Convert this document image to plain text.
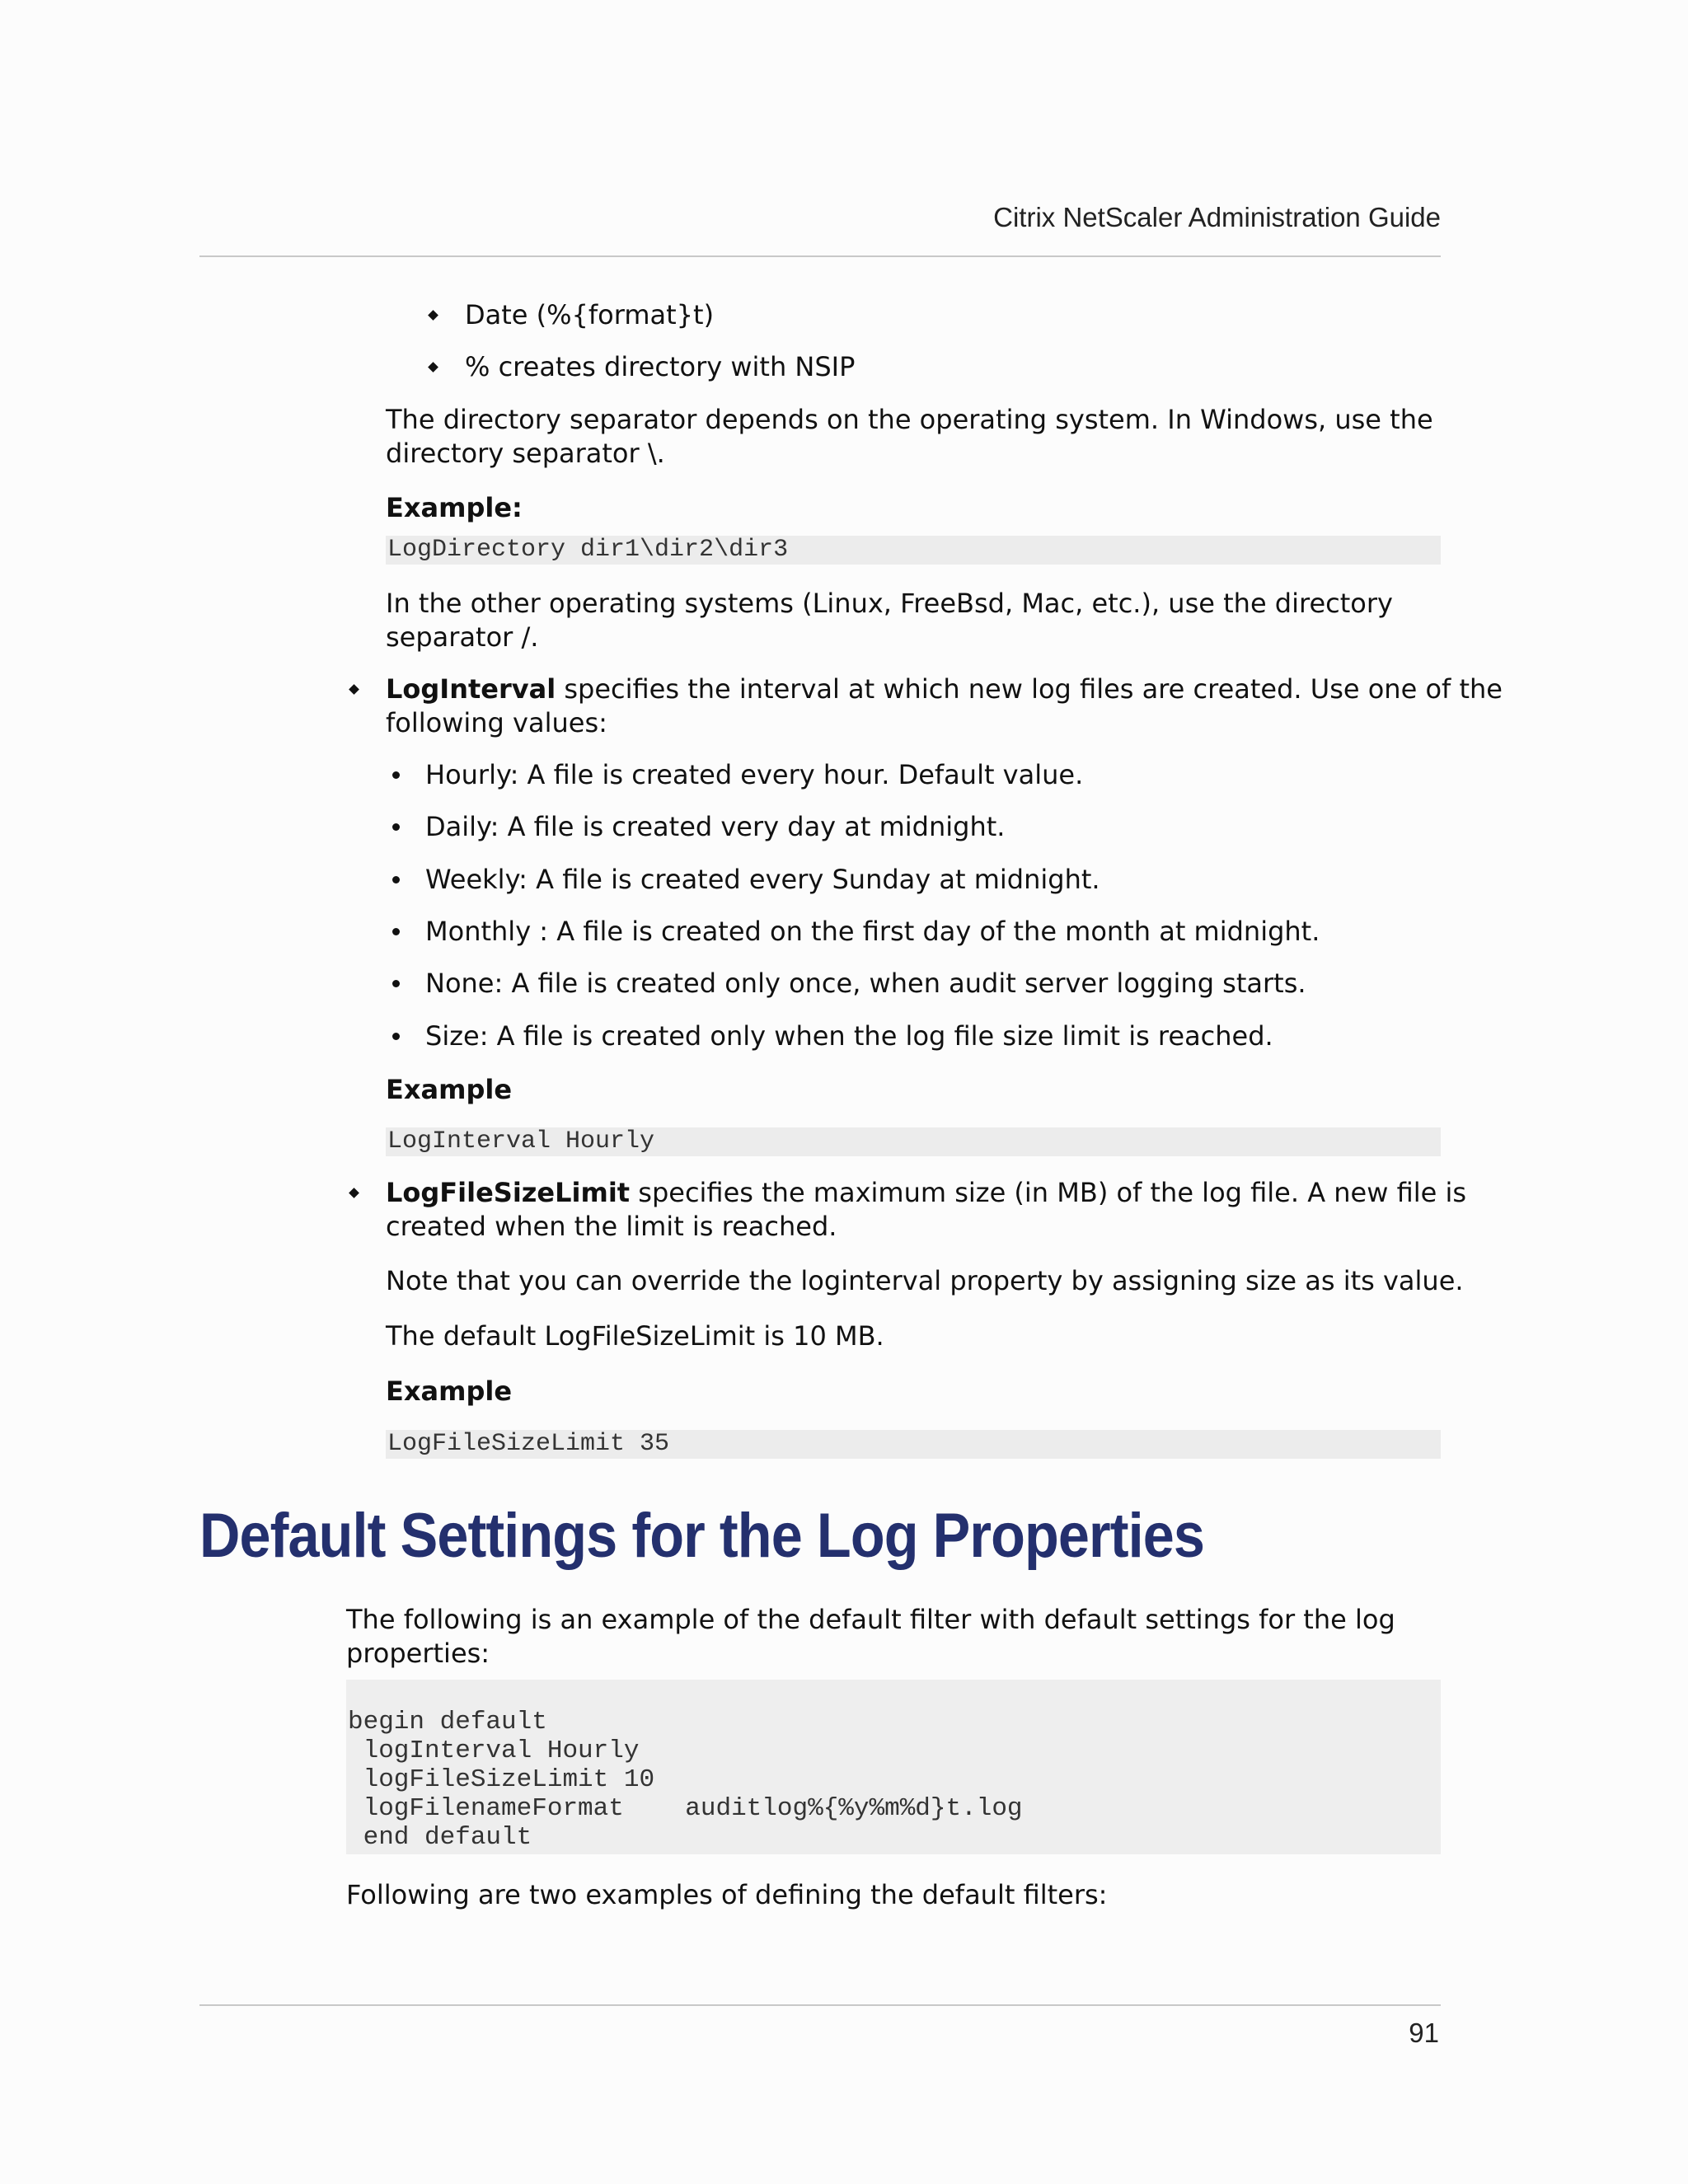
Citrix NetScaler Administration Guide
Date (%{format}t)
% creates directory with NSIP
The directory separator depends on the operating system. In Windows, use the
directory separator \.
Example:
LogDirectory dir1\dir2\dir3
In the other operating systems (Linux, FreeBsd, Mac, etc.), use the directory
separator /.
LogInterval specifies the interval at which new log files are created. Use one of the
following values:
Hourly: A file is created every hour. Default value.
Daily: A file is created very day at midnight.
Weekly: A file is created every Sunday at midnight.
Monthly : A file is created on the first day of the month at midnight.
None: A file is created only once, when audit server logging starts.
Size: A file is created only when the log file size limit is reached.
Example
LogInterval Hourly
LogFileSizeLimit specifies the maximum size (in MB) of the log file. A new file is
created when the limit is reached.
Note that you can override the loginterval property by assigning size as its value.
The default LogFileSizeLimit is 10 MB.
Example
LogFileSizeLimit 35
Default Settings for the Log Properties
The following is an example of the default filter with default settings for the log
properties:
begin default
logInterval Hourly
logFileSizeLimit 10
logFilenameFormat    auditlog%{%y%m%d}t.log
end default
Following are two examples of defining the default filters:
91
